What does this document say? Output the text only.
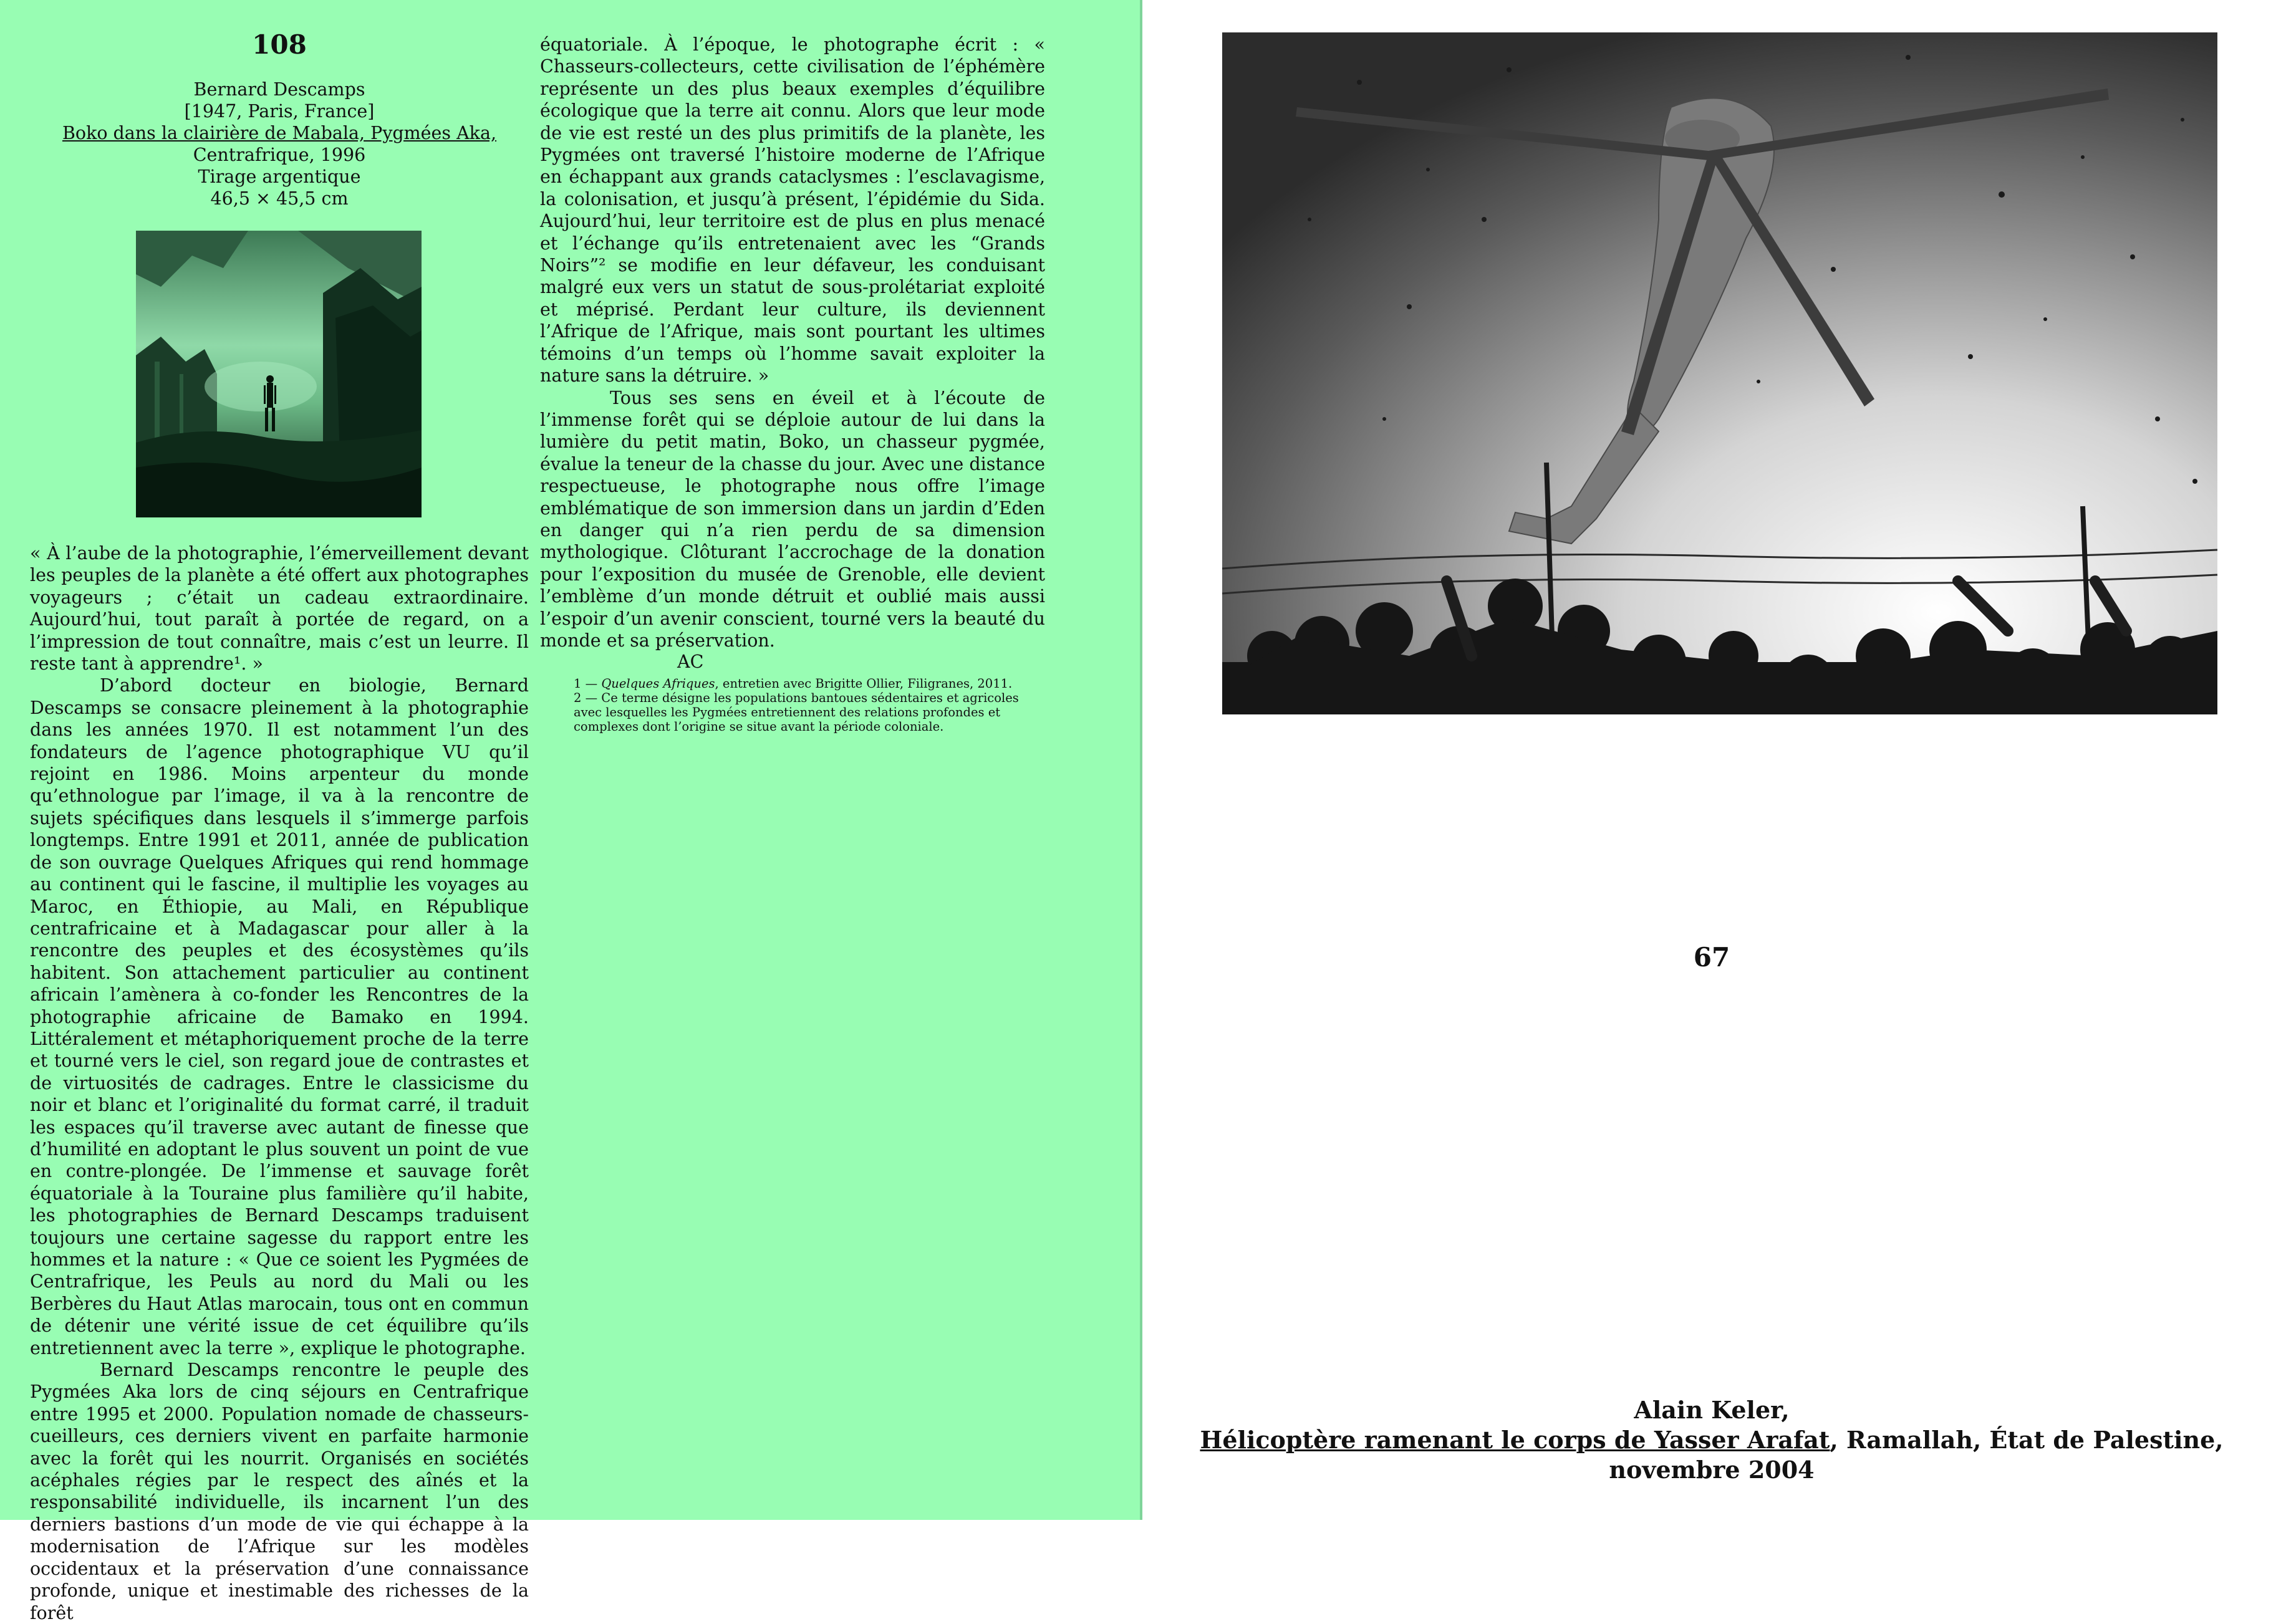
108
Bernard Descamps
[1947, Paris, France]
Boko dans la clairière de Mabala, Pygmées Aka,
Centrafrique, 1996
Tirage argentique
46,5 × 45,5 cm

« À l’aube de la photographie, l’émerveillement devant les peuples de la planète a été offert aux photographes voyageurs ; c’était un cadeau extraordinaire. Aujourd’hui, tout paraît à portée de regard, on a l’impression de tout connaître, mais c’est un leurre. Il reste tant à apprendre¹. »

D’abord docteur en biologie, Bernard Descamps se consacre pleinement à la photographie dans les années 1970. Il est notamment l’un des fondateurs de l’agence photographique VU qu’il rejoint en 1986. Moins arpenteur du monde qu’ethnologue par l’image, il va à la rencontre de sujets spécifiques dans lesquels il s’immerge parfois longtemps. Entre 1991 et 2011, année de publication de son ouvrage Quelques Afriques qui rend hommage au continent qui le fascine, il multiplie les voyages au Maroc, en Éthiopie, au Mali, en République centrafricaine et à Madagascar pour aller à la rencontre des peuples et des écosystèmes qu’ils habitent. Son attachement particulier au continent africain l’amènera à co-fonder les Rencontres de la photographie africaine de Bamako en 1994. Littéralement et métaphoriquement proche de la terre et tourné vers le ciel, son regard joue de contrastes et de virtuosités de cadrages. Entre le classicisme du noir et blanc et l’originalité du format carré, il traduit les espaces qu’il traverse avec autant de finesse que d’humilité en adoptant le plus souvent un point de vue en contre-plongée. De l’immense et sauvage forêt équatoriale à la Touraine plus familière qu’il habite, les photographies de Bernard Descamps traduisent toujours une certaine sagesse du rapport entre les hommes et la nature : « Que ce soient les Pygmées de Centrafrique, les Peuls au nord du Mali ou les Berbères du Haut Atlas marocain, tous ont en commun de détenir une vérité issue de cet équilibre qu’ils entretiennent avec la terre », explique le photographe.

Bernard Descamps rencontre le peuple des Pygmées Aka lors de cinq séjours en Centrafrique entre 1995 et 2000. Population nomade de chasseurs-cueilleurs, ces derniers vivent en parfaite harmonie avec la forêt qui les nourrit. Organisés en sociétés acéphales régies par le respect des aînés et la responsabilité individuelle, ils incarnent l’un des derniers bastions d’un mode de vie qui échappe à la modernisation de l’Afrique sur les modèles occidentaux et la préservation d’une connaissance profonde, unique et inestimable des richesses de la forêt

équatoriale. À l’époque, le photographe écrit : « Chasseurs-collecteurs, cette civilisation de l’éphémère représente un des plus beaux exemples d’équilibre écologique que la terre ait connu. Alors que leur mode de vie est resté un des plus primitifs de la planète, les Pygmées ont traversé l’histoire moderne de l’Afrique en échappant aux grands cataclysmes : l’esclavagisme, la colonisation, et jusqu’à présent, l’épidémie du Sida. Aujourd’hui, leur territoire est de plus en plus menacé et l’échange qu’ils entretenaient avec les “Grands Noirs”² se modifie en leur défaveur, les conduisant malgré eux vers un statut de sous-prolétariat exploité et méprisé. Perdant leur culture, ils deviennent l’Afrique de l’Afrique, mais sont pourtant les ultimes témoins d’un temps où l’homme savait exploiter la nature sans la détruire. »

Tous ses sens en éveil et à l’écoute de l’immense forêt qui se déploie autour de lui dans la lumière du petit matin, Boko, un chasseur pygmée, évalue la teneur de la chasse du jour. Avec une distance respectueuse, le photographe nous offre l’image emblématique de son immersion dans un jardin d’Eden en danger qui n’a rien perdu de sa dimension mythologique. Clôturant l’accrochage de la donation pour l’exposition du musée de Grenoble, elle devient l’emblème d’un monde détruit et oublié mais aussi l’espoir d’un avenir conscient, tourné vers la beauté du monde et sa préservation.

AC

1 — Quelques Afriques, entretien avec Brigitte Ollier, Filigranes, 2011.

2 — Ce terme désigne les populations bantoues sédentaires et agricoles avec lesquelles les Pygmées entretiennent des relations profondes et complexes dont l’origine se situe avant la période coloniale.

67
Alain Keler,
Hélicoptère ramenant le corps de Yasser Arafat, Ramallah, État de Palestine,
novembre 2004
